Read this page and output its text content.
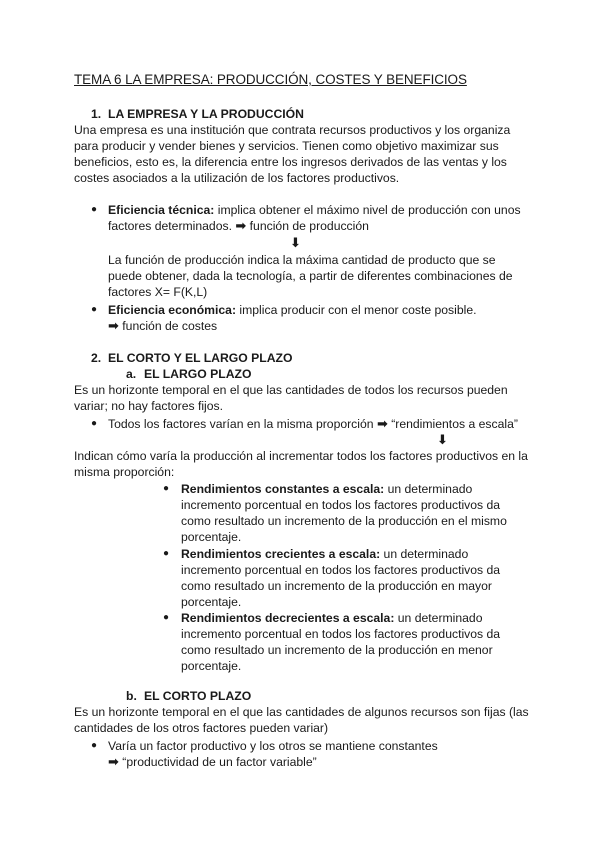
TEMA 6 LA EMPRESA: PRODUCCIÓN, COSTES Y BENEFICIOS
1. LA EMPRESA Y LA PRODUCCIÓN
Una empresa es una institución que contrata recursos productivos y los organiza
para producir y vender bienes y servicios. Tienen como objetivo maximizar sus
beneficios, esto es, la diferencia entre los ingresos derivados de las ventas y los
costes asociados a la utilización de los factores productivos.
● Eficiencia técnica: implica obtener el máximo nivel de producción con unos
factores determinados. ➡ función de producción
⬇
La función de producción indica la máxima cantidad de producto que se
puede obtener, dada la tecnología, a partir de diferentes combinaciones de
factores X= F(K,L)
● Eficiencia económica: implica producir con el menor coste posible.
➡ función de costes
2. EL CORTO Y EL LARGO PLAZO
a. EL LARGO PLAZO
Es un horizonte temporal en el que las cantidades de todos los recursos pueden
variar; no hay factores fijos.
● Todos los factores varían en la misma proporción ➡ “rendimientos a escala”
⬇
Indican cómo varía la producción al incrementar todos los factores productivos en la
misma proporción:
● Rendimientos constantes a escala: un determinado
incremento porcentual en todos los factores productivos da
como resultado un incremento de la producción en el mismo
porcentaje.
● Rendimientos crecientes a escala: un determinado
incremento porcentual en todos los factores productivos da
como resultado un incremento de la producción en mayor
porcentaje.
● Rendimientos decrecientes a escala: un determinado
incremento porcentual en todos los factores productivos da
como resultado un incremento de la producción en menor
porcentaje.
b. EL CORTO PLAZO
Es un horizonte temporal en el que las cantidades de algunos recursos son fijas (las
cantidades de los otros factores pueden variar)
● Varía un factor productivo y los otros se mantiene constantes
➡ “productividad de un factor variable”
